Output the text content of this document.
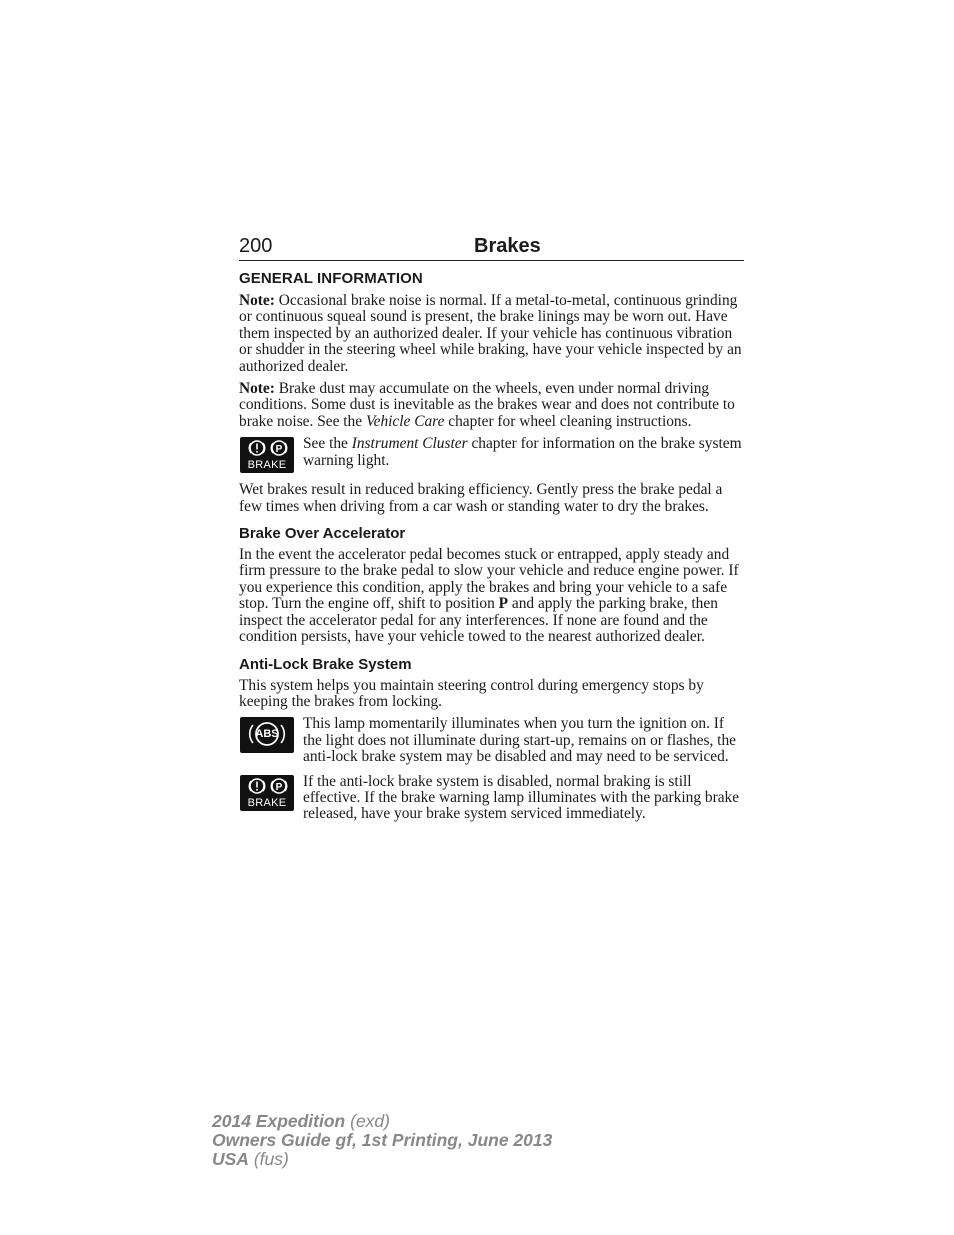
200	Brakes
GENERAL INFORMATION

Note: Occasional brake noise is normal. If a metal-to-metal, continuous grinding or continuous squeal sound is present, the brake linings may be worn out. Have them inspected by an authorized dealer. If your vehicle has continuous vibration or shudder in the steering wheel while braking, have your vehicle inspected by an authorized dealer.

Note: Brake dust may accumulate on the wheels, even under normal driving conditions. Some dust is inevitable as the brakes wear and does not contribute to brake noise. See the Vehicle Care chapter for wheel cleaning instructions.

P
BRAKE

See the Instrument Cluster chapter for information on the brake system warning light.

Wet brakes result in reduced braking efficiency. Gently press the brake pedal a few times when driving from a car wash or standing water to dry the brakes.

Brake Over Accelerator

In the event the accelerator pedal becomes stuck or entrapped, apply steady and firm pressure to the brake pedal to slow your vehicle and reduce engine power. If you experience this condition, apply the brakes and bring your vehicle to a safe stop. Turn the engine off, shift to position P and apply the parking brake, then inspect the accelerator pedal for any interferences. If none are found and the condition persists, have your vehicle towed to the nearest authorized dealer.

Anti-Lock Brake System

This system helps you maintain steering control during emergency stops by keeping the brakes from locking.

ABS

This lamp momentarily illuminates when you turn the ignition on. If the light does not illuminate during start-up, remains on or flashes, the anti-lock brake system may be disabled and may need to be serviced.

P
BRAKE

If the anti-lock brake system is disabled, normal braking is still effective. If the brake warning lamp illuminates with the parking brake released, have your brake system serviced immediately.

2014 Expedition (exd)
Owners Guide gf, 1st Printing, June 2013
USA (fus)
